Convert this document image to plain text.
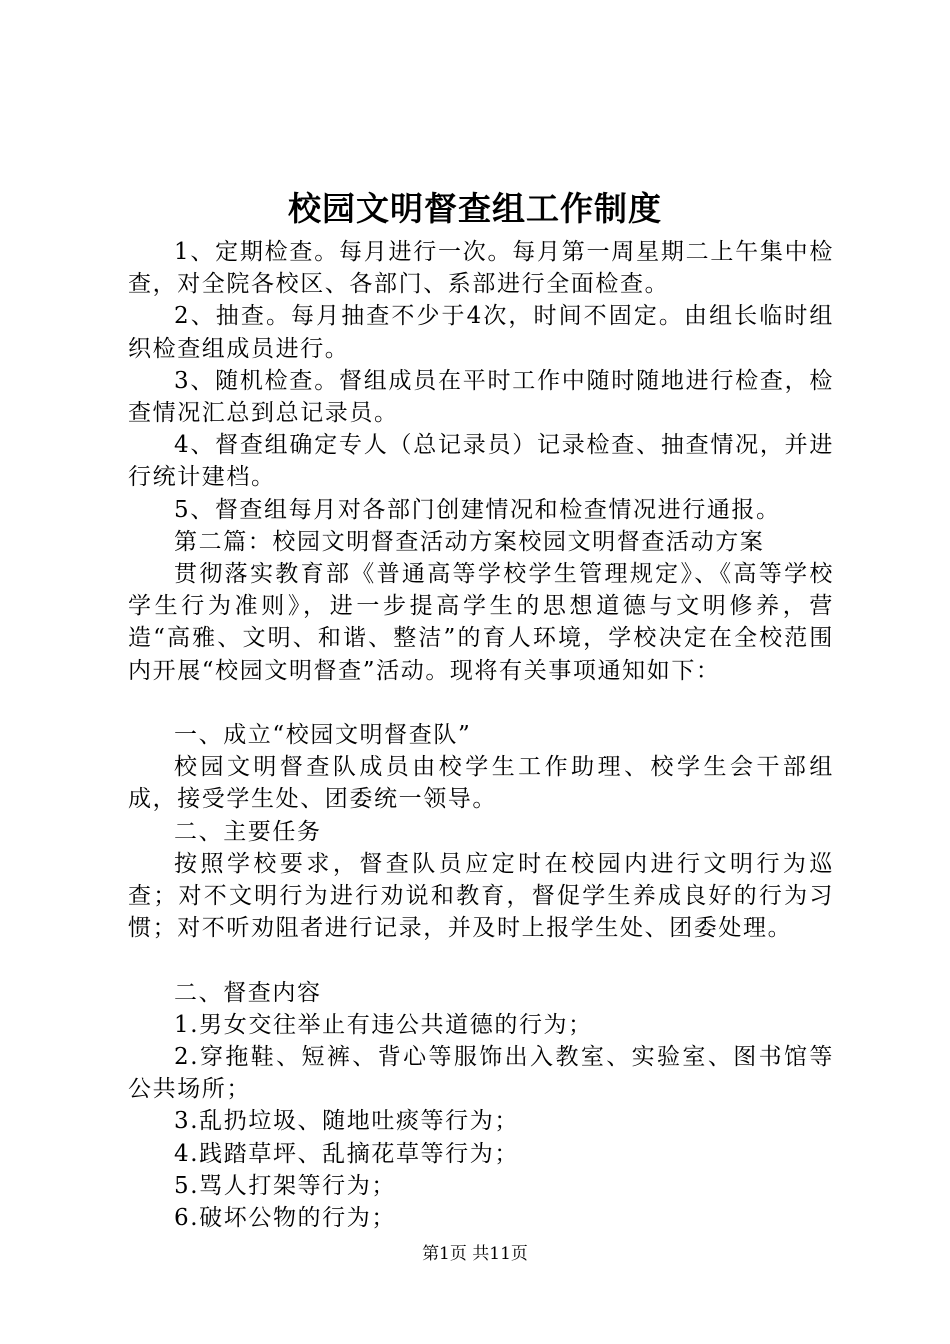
校园文明督查组工作制度

1、定期检查。每月进行一次。每月第一周星期二上午集中检查，对全院各校区、各部门、系部进行全面检查。

2、抽查。每月抽查不少于4次，时间不固定。由组长临时组织检查组成员进行。

3、随机检查。督组成员在平时工作中随时随地进行检查，检查情况汇总到总记录员。

4、督查组确定专人（总记录员）记录检查、抽查情况，并进行统计建档。

5、督查组每月对各部门创建情况和检查情况进行通报。

第二篇：校园文明督查活动方案校园文明督查活动方案

贯彻落实教育部《普通高等学校学生管理规定》、《高等学校学生行为准则》，进一步提高学生的思想道德与文明修养，营造“高雅、文明、和谐、整洁”的育人环境，学校决定在全校范围内开展“校园文明督查”活动。现将有关事项通知如下：

一、成立“校园文明督查队”

校园文明督查队成员由校学生工作助理、校学生会干部组成，接受学生处、团委统一领导。

二、主要任务

按照学校要求，督查队员应定时在校园内进行文明行为巡查；对不文明行为进行劝说和教育，督促学生养成良好的行为习惯；对不听劝阻者进行记录，并及时上报学生处、团委处理。

二、督查内容

1.男女交往举止有违公共道德的行为；

2.穿拖鞋、短裤、背心等服饰出入教室、实验室、图书馆等公共场所；

3.乱扔垃圾、随地吐痰等行为；

4.践踏草坪、乱摘花草等行为；

5.骂人打架等行为；

6.破坏公物的行为；

第1页 共11页
